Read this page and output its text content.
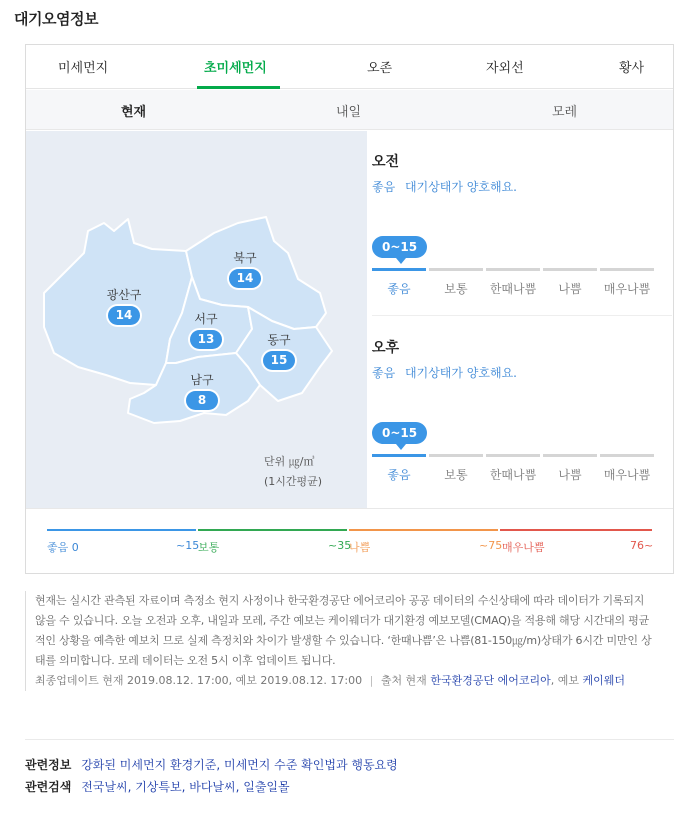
대기오염정보
미세먼지	초미세먼지	오존	자외선	황사
현재	내일	모레
북구
14
광산구
14	서구
13	동구
15
남구
8
단위 ㎍/㎥
(1시간평균)
오전
좋음 대기상태가 양호해요.
0~15
좋음	보통	한때나쁨	나쁨	매우나쁨
오후
좋음 대기상태가 양호해요.
0~15
좋음	보통	한때나쁨	나쁨	매우나쁨
좋음 0	~15
보통	~35
나쁨	~75 매우나쁨	76~

현재는 실시간 관측된 자료이며 측정소 현지 사정이나 한국환경공단 에어코리아 공공 데이터의 수신상태에 따라 데이터가 기록되지 않을 수 있습니다. 오늘 오전과 오후, 내일과 모레, 주간 예보는 케이웨더가 대기환경 예보모델(CMAQ)을 적용해 해당 시간대의 평균적인 상황을 예측한 예보치 므로 실제 측정치와 차이가 발생할 수 있습니다. ‘한때나쁨’은 나쁨(81-150㎍/m)상태가 6시간 미만인 상태를 의미합니다. 모레 데이터는 오전 5시 이후 업데이트 됩니다.

최종업데이트 현재 2019.08.12. 17:00, 예보 2019.08.12. 17:00 | 출처 현재 한국환경공단 에어코리아, 예보 케이웨더

관련정보 강화된 미세먼지 환경기준, 미세먼지 수준 확인법과 행동요령
관련검색 전국날씨, 기상특보, 바다날씨, 일출일몰
